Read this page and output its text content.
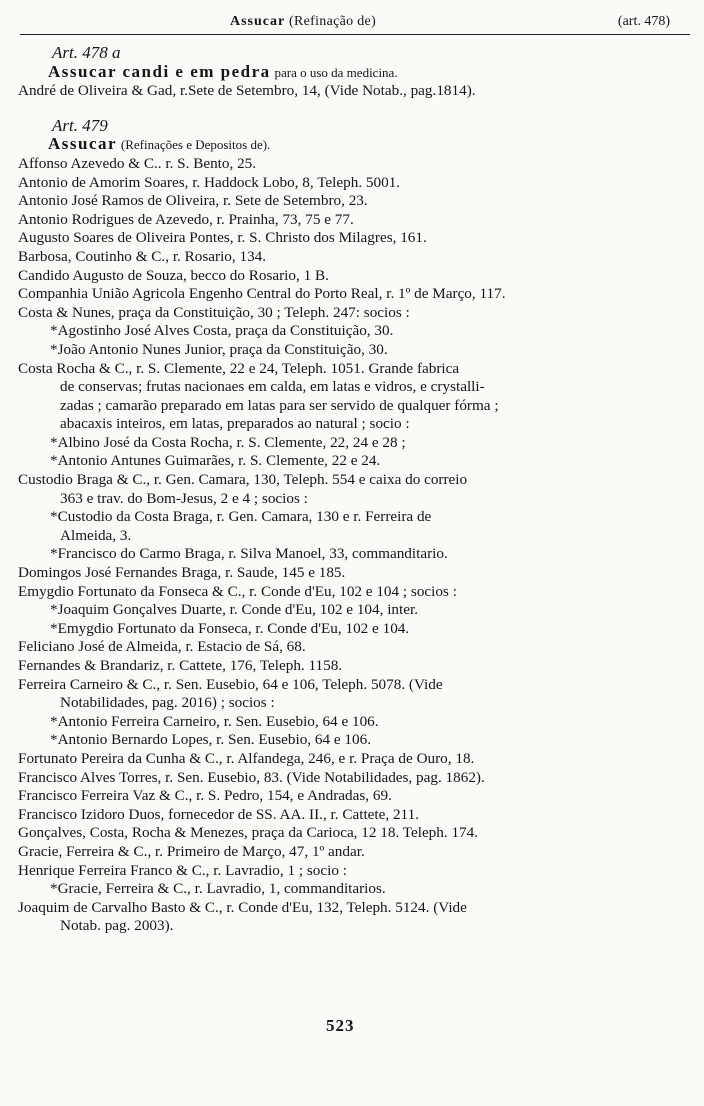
Assucar (Refinação de)	(art. 478)
Art. 478 a
Assucar candi e em pedra para o uso da medicina.
André de Oliveira & Gad, r.Sete de Setembro, 14, (Vide Notab., pag.1814).
Art. 479
Assucar (Refinações e Depositos de).
Affonso Azevedo & C.. r. S. Bento, 25.
Antonio de Amorim Soares, r. Haddock Lobo, 8, Teleph. 5001.
Antonio José Ramos de Oliveira, r. Sete de Setembro, 23.
Antonio Rodrigues de Azevedo, r. Prainha, 73, 75 e 77.
Augusto Soares de Oliveira Pontes, r. S. Christo dos Milagres, 161.
Barbosa, Coutinho & C., r. Rosario, 134.
Candido Augusto de Souza, becco do Rosario, 1 B.
Companhia União Agricola Engenho Central do Porto Real, r. 1º de Março, 117.
Costa & Nunes, praça da Constituição, 30 ; Teleph. 247: socios :
*Agostinho José Alves Costa, praça da Constituição, 30.
*João Antonio Nunes Junior, praça da Constituição, 30.
Costa Rocha & C., r. S. Clemente, 22 e 24, Teleph. 1051. Grande fabrica
de conservas; frutas nacionaes em calda, em latas e vidros, e crystalli-
zadas ; camarão preparado em latas para ser servido de qualquer fórma ;
abacaxis inteiros, em latas, preparados ao natural ; socio :
*Albino José da Costa Rocha, r. S. Clemente, 22, 24 e 28 ;
*Antonio Antunes Guimarães, r. S. Clemente, 22 e 24.
Custodio Braga & C., r. Gen. Camara, 130, Teleph. 554 e caixa do correio
363 e trav. do Bom-Jesus, 2 e 4 ; socios :
*Custodio da Costa Braga, r. Gen. Camara, 130 e r. Ferreira de
Almeida, 3.
*Francisco do Carmo Braga, r. Silva Manoel, 33, commanditario.
Domingos José Fernandes Braga, r. Saude, 145 e 185.
Emygdio Fortunato da Fonseca & C., r. Conde d'Eu, 102 e 104 ; socios :
*Joaquim Gonçalves Duarte, r. Conde d'Eu, 102 e 104, inter.
*Emygdio Fortunato da Fonseca, r. Conde d'Eu, 102 e 104.
Feliciano José de Almeida, r. Estacio de Sá, 68.
Fernandes & Brandariz, r. Cattete, 176, Teleph. 1158.
Ferreira Carneiro & C., r. Sen. Eusebio, 64 e 106, Teleph. 5078. (Vide
Notabilidades, pag. 2016) ; socios :
*Antonio Ferreira Carneiro, r. Sen. Eusebio, 64 e 106.
*Antonio Bernardo Lopes, r. Sen. Eusebio, 64 e 106.
Fortunato Pereira da Cunha & C., r. Alfandega, 246, e r. Praça de Ouro, 18.
Francisco Alves Torres, r. Sen. Eusebio, 83. (Vide Notabilidades, pag. 1862).
Francisco Ferreira Vaz & C., r. S. Pedro, 154, e Andradas, 69.
Francisco Izidoro Duos, fornecedor de SS. AA. II., r. Cattete, 211.
Gonçalves, Costa, Rocha & Menezes, praça da Carioca, 12 18. Teleph. 174.
Gracie, Ferreira & C., r. Primeiro de Março, 47, 1º andar.
Henrique Ferreira Franco & C., r. Lavradio, 1 ; socio :
*Gracie, Ferreira & C., r. Lavradio, 1, commanditarios.
Joaquim de Carvalho Basto & C., r. Conde d'Eu, 132, Teleph. 5124. (Vide
Notab. pag. 2003).
523
